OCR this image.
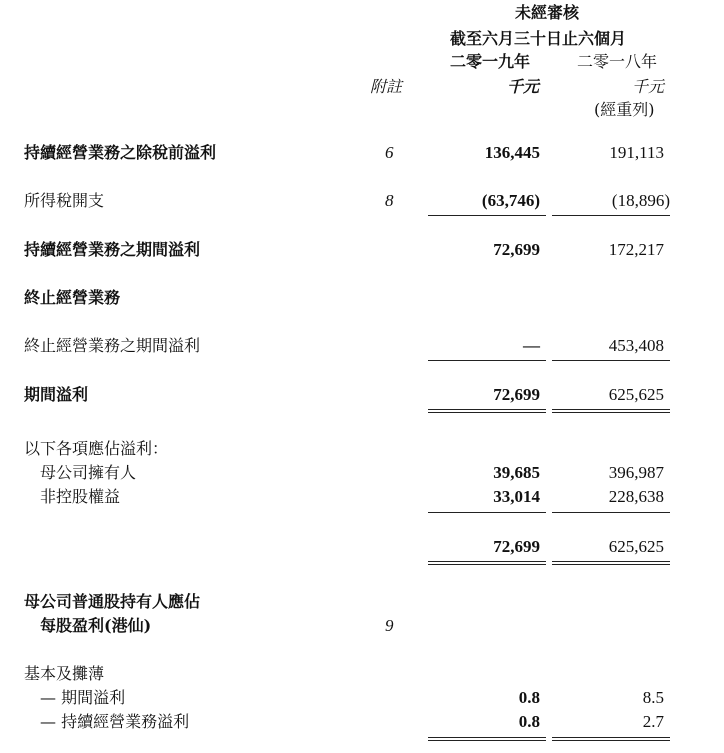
未經審核
截至六月三十日止六個月
二零一九年	二零一八年
附註	千元	千元
(經重列)
持續經營業務之除稅前溢利	6	136,445	191,113
所得稅開支	8	(63,746)	(18,896)
持續經營業務之期間溢利	72,699	172,217
終止經營業務
終止經營業務之期間溢利	—	453,408
期間溢利	72,699	625,625
以下各項應佔溢利：
母公司擁有人	39,685	396,987
非控股權益	33,014	228,638
72,699	625,625
母公司普通股持有人應佔
每股盈利(港仙)	9
基本及攤薄
— 期間溢利	0.8	8.5
— 持續經營業務溢利	0.8	2.7
